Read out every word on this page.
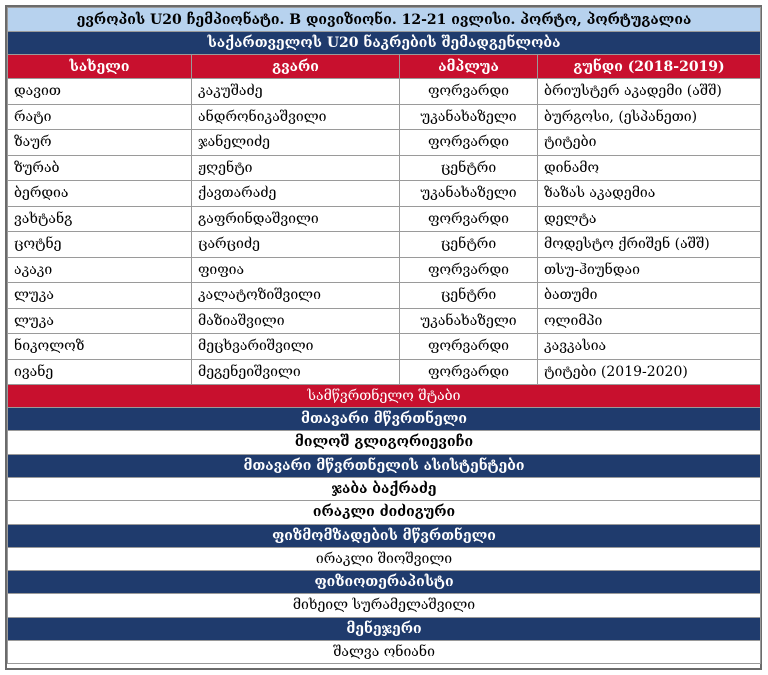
ევროპის U20 ჩემპიონატი. B დივიზიონი. 12-21 ივლისი. პორტო, პორტუგალია			
საქართველოს U20 ნაკრების შემადგენლობა			
სახელი	გვარი	ამპლუა	გუნდი (2018-2019)
დავით	კაკუშაძე	ფორვარდი	ბრიუსტერ აკადემი (აშშ)
რატი	ანდრონიკაშვილი	უკანახაზელი	ბურგოსი, (ესპანეთი)
ზაურ	ჯანელიძე	ფორვარდი	ტიტები
ზურაბ	ჟღენტი	ცენტრი	დინამო
ბერდია	ქავთარაძე	უკანახაზელი	ზაზას აკადემია
ვახტანგ	გაფრინდაშვილი	ფორვარდი	დელტა
ცოტნე	ცარციძე	ცენტრი	მოდესტო ქრიშენ (აშშ)
აკაკი	ფიფია	ფორვარდი	თსუ-ჰიუნდაი
ლუკა	კალატოზიშვილი	ცენტრი	ბათუმი
ლუკა	მაზიაშვილი	უკანახაზელი	ოლიმპი
ნიკოლოზ	მეცხვარიშვილი	ფორვარდი	კავკასია
ივანე	მეგენეიშვილი	ფორვარდი	ტიტები (2019-2020)
სამწვრთნელო შტაბი			
მთავარი მწვრთნელი			
მილოშ გლიგორიევიჩი			
მთავარი მწვრთნელის ასისტენტები			
ჯაბა ბაქრაძე			
ირაკლი ძიძიგური			
ფიზმომზადების მწვრთნელი			
ირაკლი შიოშვილი			
ფიზიოთერაპისტი			
მიხეილ სურამელაშვილი			
მენეჯერი			
შალვა ონიანი			
